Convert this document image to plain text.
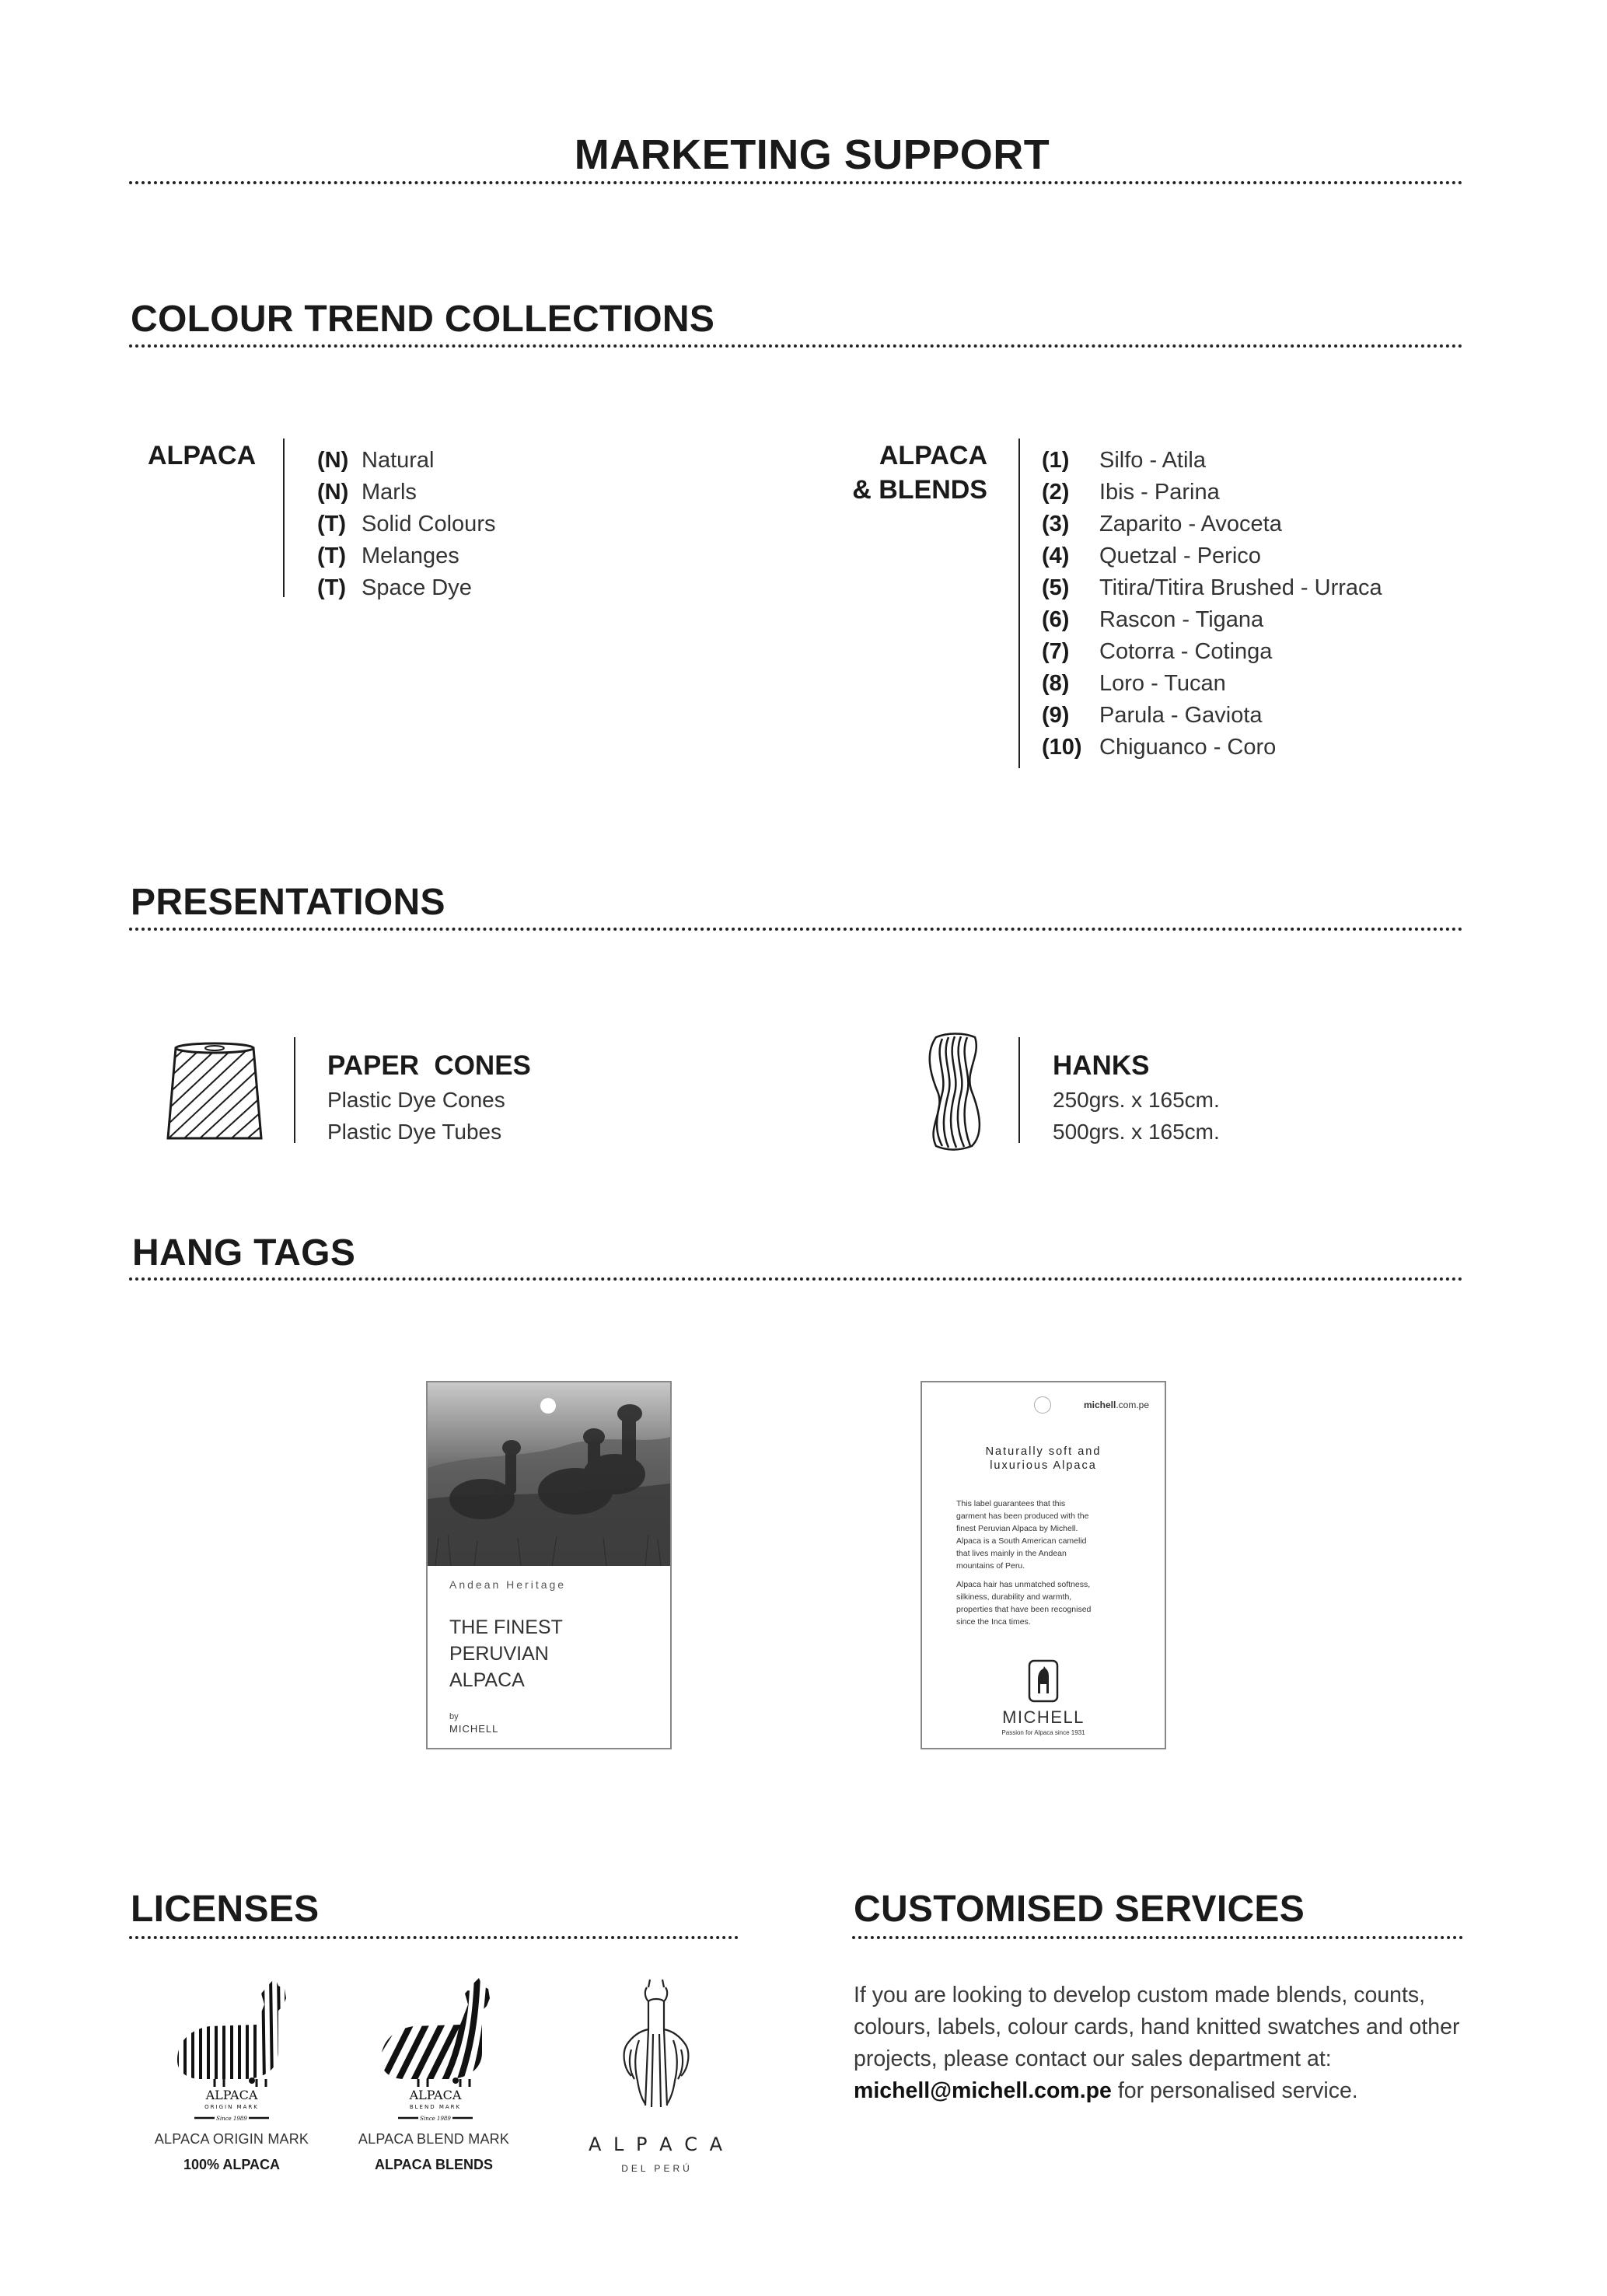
MARKETING SUPPORT
COLOUR TREND COLLECTIONS
ALPACA	(N) Natural
(N) Marls
(T) Solid Colours
(T) Melanges
(T) Space Dye
ALPACA
& BLENDS
(1)	Silfo - Atila
(2)	Ibis - Parina
(3)	Zaparito - Avoceta
(4)	Quetzal - Perico
(5)	Titira/Titira Brushed - Urraca
(6)	Rascon - Tigana
(7)	Cotorra - Cotinga
(8)	Loro - Tucan
(9)	Parula - Gaviota
(10) Chiguanco - Coro
PRESENTATIONS
PAPER  CONES
Plastic Dye Cones
Plastic Dye Tubes
HANKS
250grs. x 165cm.
500grs. x 165cm.
HANG TAGS
Andean Heritage
THE FINEST
PERUVIAN
ALPACA
by
MICHELL
michell.com.pe
Naturally soft and
luxurious Alpaca
This label guarantees that this
garment has been produced with the
finest Peruvian Alpaca by Michell.
Alpaca is a South American camelid
that lives mainly in the Andean
mountains of Peru.
Alpaca hair has unmatched softness,
silkiness, durability and warmth,
properties that have been recognised
since the Inca times.
MICHELL
Passion for Alpaca since 1931
LICENSES
ALPACA
ORIGIN MARK
Since 1989
ALPACA ORIGIN MARK
100% ALPACA
ALPACA
BLEND MARK
Since 1989
ALPACA BLEND MARK
ALPACA BLENDS
A L P A C A
DEL PERÚ
CUSTOMISED SERVICES
If you are looking to develop custom made blends, counts,
colours, labels, colour cards, hand knitted swatches and other
projects, please contact our sales department at:
michell@michell.com.pe for personalised service.
